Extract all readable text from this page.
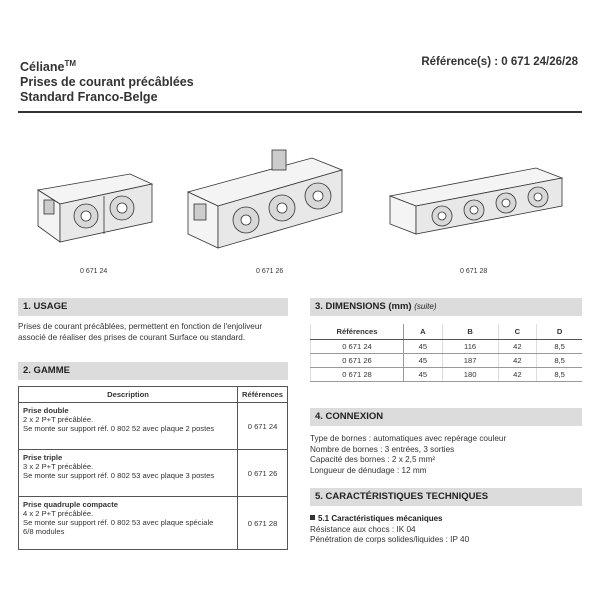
Céliane™
Prises de courant précâblées
Standard Franco-Belge
Référence(s) : 0 671 24/26/28
0 671 24	0 671 26	0 671 28
1. USAGE
Prises de courant précâblées, permettent en fonction de l'enjoliveur associé de réaliser des prises de courant Surface ou standard.
2. GAMME
Description	Références

Prise double
2 x 2 P+T précâblée.
Se monte sur support réf. 0 802 52 avec plaque 2 postes	0 671 24

Prise triple
3 x 2 P+T précâblée.
Se monte sur support réf. 0 802 53 avec plaque 3 postes	0 671 26

Prise quadruple compacte
4 x 2 P+T précâblée.
Se monte sur support réf. 0 802 53 avec plaque spéciale
6/8 modules	0 671 28
3. DIMENSIONS (mm) (suite)
Références	A	B	C	D
0 671 24	45	116	42	8,5
0 671 26	45	187	42	8,5
0 671 28	45	180	42	8,5
4. CONNEXION
Type de bornes : automatiques avec repérage couleur
Nombre de bornes : 3 entrées, 3 sorties
Capacité des bornes : 2 x 2,5 mm²
Longueur de dénudage : 12 mm
5. CARACTÉRISTIQUES TECHNIQUES
5.1 Caractéristiques mécaniques
Résistance aux chocs : IK 04
Pénétration de corps solides/liquides : IP 40
